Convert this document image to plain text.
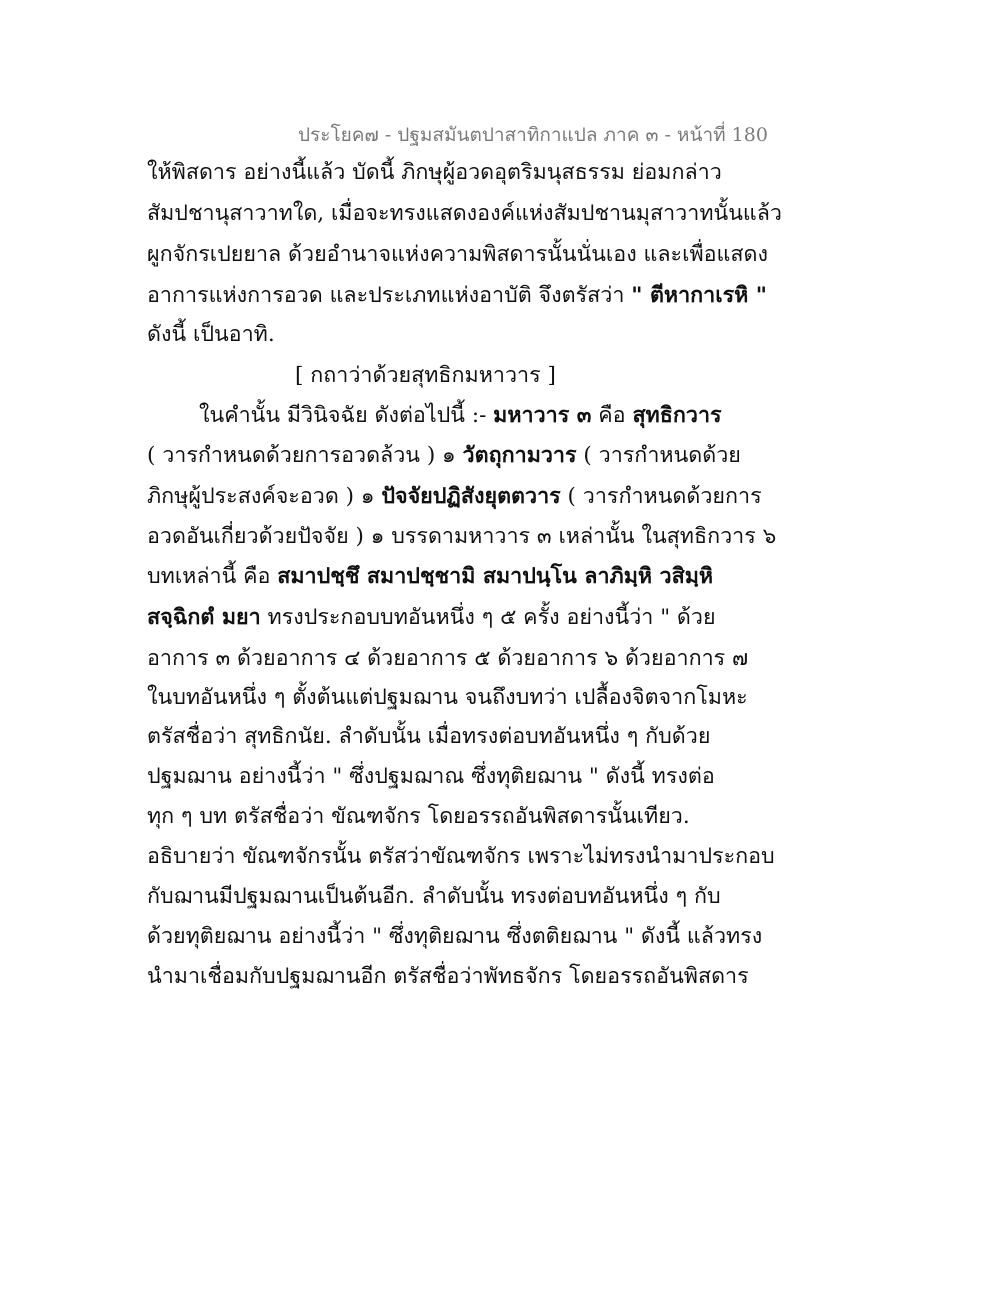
ประโยค๗ - ปฐมสมันตปาสาทิกาแปล ภาค ๓ - หน้าที่ 180
ให้พิสดาร อย่างนี้แล้ว บัดนี้ ภิกษุผู้อวดอุตริมนุสธรรม ย่อมกล่าว
สัมปชานุสาวาทใด, เมื่อจะทรงแสดงองค์แห่งสัมปชานมุสาวาทนั้นแล้ว
ผูกจักรเปยยาล ด้วยอำนาจแห่งความพิสดารนั้นนั่นเอง และเพื่อแสดง
อาการแห่งการอวด และประเภทแห่งอาบัติ จึงตรัสว่า " ตีหากาเรหิ "
ดังนี้ เป็นอาทิ.
[ กถาว่าด้วยสุทธิกมหาวาร ]
ในคำนั้น มีวินิจฉัย ดังต่อไปนี้ :- มหาวาร ๓ คือ สุทธิกวาร
( วารกำหนดด้วยการอวดล้วน ) ๑ วัตถุกามวาร ( วารกำหนดด้วย
ภิกษุผู้ประสงค์จะอวด ) ๑ ปัจจัยปฏิสังยุตตวาร ( วารกำหนดด้วยการ
อวดอันเกี่ยวด้วยปัจจัย ) ๑ บรรดามหาวาร ๓ เหล่านั้น ในสุทธิกวาร ๖
บทเหล่านี้ คือ สมาปชฺชึ สมาปชฺชามิ สมาปนฺโน ลาภิมฺหิ วสิมฺหิ
สจฺฉิกตํ มยา ทรงประกอบบทอันหนึ่ง ๆ ๕ ครั้ง อย่างนี้ว่า " ด้วย
อาการ ๓ ด้วยอาการ ๔ ด้วยอาการ ๕ ด้วยอาการ ๖ ด้วยอาการ ๗
ในบทอันหนึ่ง ๆ ตั้งต้นแต่ปฐมฌาน จนถึงบทว่า เปลื้องจิตจากโมหะ
ตรัสชื่อว่า สุทธิกนัย. ลำดับนั้น เมื่อทรงต่อบทอันหนึ่ง ๆ กับด้วย
ปฐมฌาน อย่างนี้ว่า " ซึ่งปฐมฌาณ ซึ่งทุติยฌาน " ดังนี้ ทรงต่อ
ทุก ๆ บท ตรัสชื่อว่า ขัณฑจักร โดยอรรถอันพิสดารนั้นเทียว.
อธิบายว่า ขัณฑจักรนั้น ตรัสว่าขัณฑจักร เพราะไม่ทรงนำมาประกอบ
กับฌานมีปฐมฌานเป็นต้นอีก. ลำดับนั้น ทรงต่อบทอันหนึ่ง ๆ กับ
ด้วยทุติยฌาน อย่างนี้ว่า " ซึ่งทุติยฌาน ซึ่งตติยฌาน " ดังนี้ แล้วทรง
นำมาเชื่อมกับปฐมฌานอีก ตรัสชื่อว่าพัทธจักร โดยอรรถอันพิสดาร
